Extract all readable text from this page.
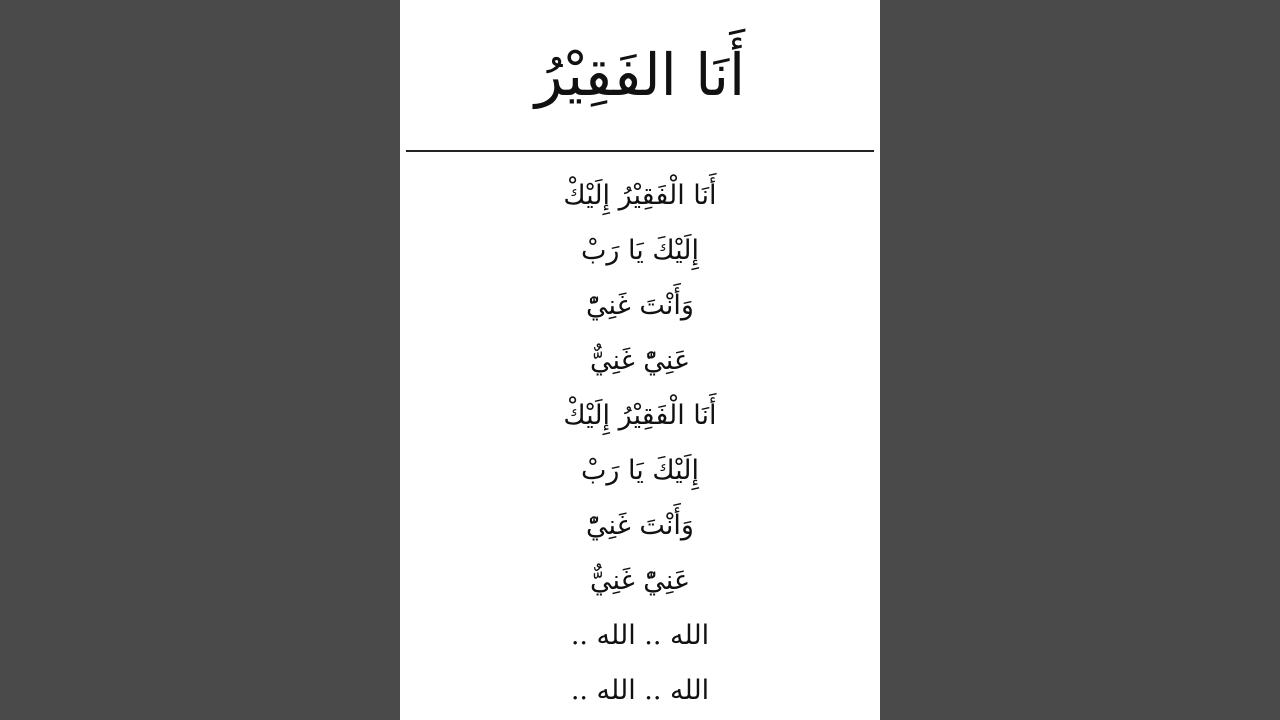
أَنَا الفَقِيْرُ
أَنَا الْفَقِيْرُ إِلَيْكْ
إِلَيْكَ يَا رَبْ
وَأَنْتَ غَنِيّْ
عَنِيّْ غَنِيٌّ
أَنَا الْفَقِيْرُ إِلَيْكْ
إِلَيْكَ يَا رَبْ
وَأَنْتَ غَنِيّْ
عَنِيّْ غَنِيٌّ
الله .. الله ..
الله .. الله ..
